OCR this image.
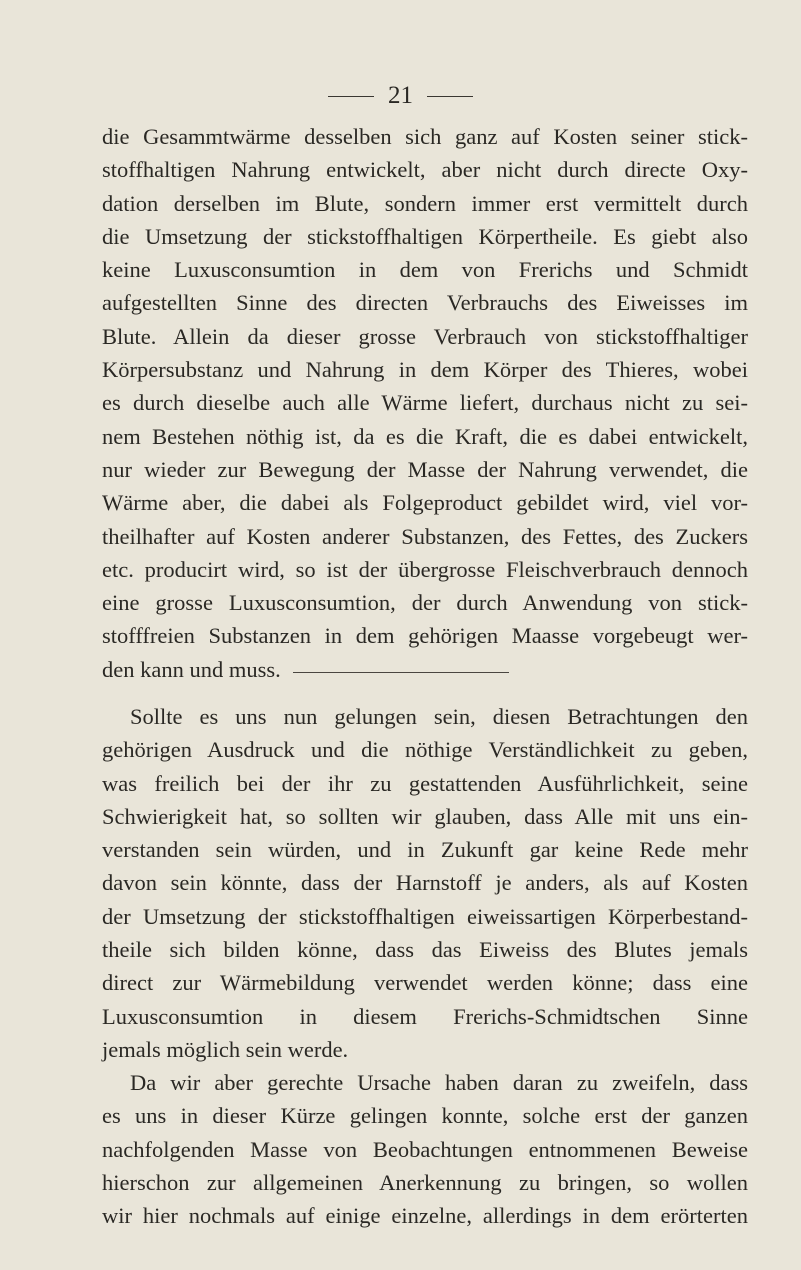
21

die Gesammtwärme desselben sich ganz auf Kosten seiner stick-
stoffhaltigen Nahrung entwickelt, aber nicht durch directe Oxy-
dation derselben im Blute, sondern immer erst vermittelt durch
die Umsetzung der stickstoffhaltigen Körpertheile. Es giebt also
keine Luxusconsumtion in dem von Frerichs und Schmidt
aufgestellten Sinne des directen Verbrauchs des Eiweisses im
Blute. Allein da dieser grosse Verbrauch von stickstoffhaltiger
Körpersubstanz und Nahrung in dem Körper des Thieres, wobei
es durch dieselbe auch alle Wärme liefert, durchaus nicht zu sei-
nem Bestehen nöthig ist, da es die Kraft, die es dabei entwickelt,
nur wieder zur Bewegung der Masse der Nahrung verwendet, die
Wärme aber, die dabei als Folgeproduct gebildet wird, viel vor-
theilhafter auf Kosten anderer Substanzen, des Fettes, des Zuckers
etc. producirt wird, so ist der übergrosse Fleischverbrauch dennoch
eine grosse Luxusconsumtion, der durch Anwendung von stick-
stofffreien Substanzen in dem gehörigen Maasse vorgebeugt wer-
den kann und muss.

Sollte es uns nun gelungen sein, diesen Betrachtungen den
gehörigen Ausdruck und die nöthige Verständlichkeit zu geben,
was freilich bei der ihr zu gestattenden Ausführlichkeit, seine
Schwierigkeit hat, so sollten wir glauben, dass Alle mit uns ein-
verstanden sein würden, und in Zukunft gar keine Rede mehr
davon sein könnte, dass der Harnstoff je anders, als auf Kosten
der Umsetzung der stickstoffhaltigen eiweissartigen Körperbestand-
theile sich bilden könne, dass das Eiweiss des Blutes jemals
direct zur Wärmebildung verwendet werden könne; dass eine
Luxusconsumtion in diesem Frerichs-Schmidtschen Sinne
jemals möglich sein werde.

Da wir aber gerechte Ursache haben daran zu zweifeln, dass
es uns in dieser Kürze gelingen konnte, solche erst der ganzen
nachfolgenden Masse von Beobachtungen entnommenen Beweise
hierschon zur allgemeinen Anerkennung zu bringen, so wollen
wir hier nochmals auf einige einzelne, allerdings in dem erörterten
